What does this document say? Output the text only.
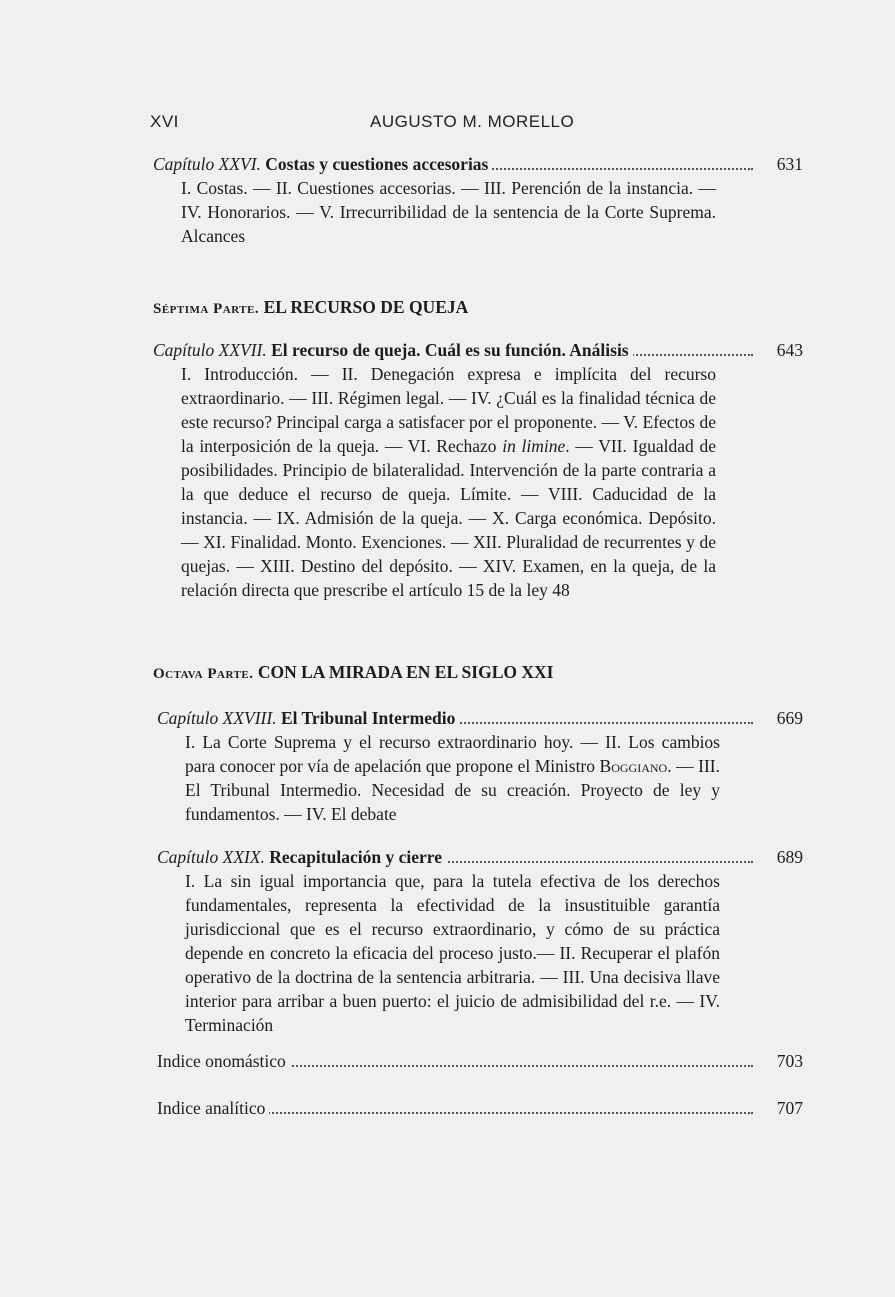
XVI	AUGUSTO M. MORELLO
Capítulo XXVI. Costas y cuestiones accesorias	631
I. Costas. — II. Cuestiones accesorias. — III. Perención de la instancia. — IV. Honorarios. — V. Irrecurribilidad de la sentencia de la Corte Suprema. Alcances
Séptima Parte. EL RECURSO DE QUEJA
Capítulo XXVII. El recurso de queja. Cuál es su función. Análisis	643
I. Introducción. — II. Denegación expresa e implícita del recurso extraordinario. — III. Régimen legal. — IV. ¿Cuál es la finalidad técnica de este recurso? Principal carga a satisfacer por el proponente. — V. Efectos de la interposición de la queja. — VI. Rechazo in limine. — VII. Igualdad de posibilidades. Principio de bilateralidad. Intervención de la parte contraria a la que deduce el recurso de queja. Límite. — VIII. Caducidad de la instancia. — IX. Admisión de la queja. — X. Carga económica. Depósito. — XI. Finalidad. Monto. Exenciones. — XII. Pluralidad de recurrentes y de quejas. — XIII. Destino del depósito. — XIV. Examen, en la queja, de la relación directa que prescribe el artículo 15 de la ley 48
Octava Parte. CON LA MIRADA EN EL SIGLO XXI
Capítulo XXVIII. El Tribunal Intermedio	669
I. La Corte Suprema y el recurso extraordinario hoy. — II. Los cambios para conocer por vía de apelación que propone el Ministro Boggiano. — III. El Tribunal Intermedio. Necesidad de su creación. Proyecto de ley y fundamentos. — IV. El debate
Capítulo XXIX. Recapitulación y cierre	689
I. La sin igual importancia que, para la tutela efectiva de los derechos fundamentales, representa la efectividad de la insustituible garantía jurisdiccional que es el recurso extraordinario, y cómo de su práctica depende en concreto la eficacia del proceso justo.— II. Recuperar el plafón operativo de la doctrina de la sentencia arbitraria. — III. Una decisiva llave interior para arribar a buen puerto: el juicio de admisibilidad del r.e. — IV. Terminación
Indice onomástico	703
Indice analítico	707
